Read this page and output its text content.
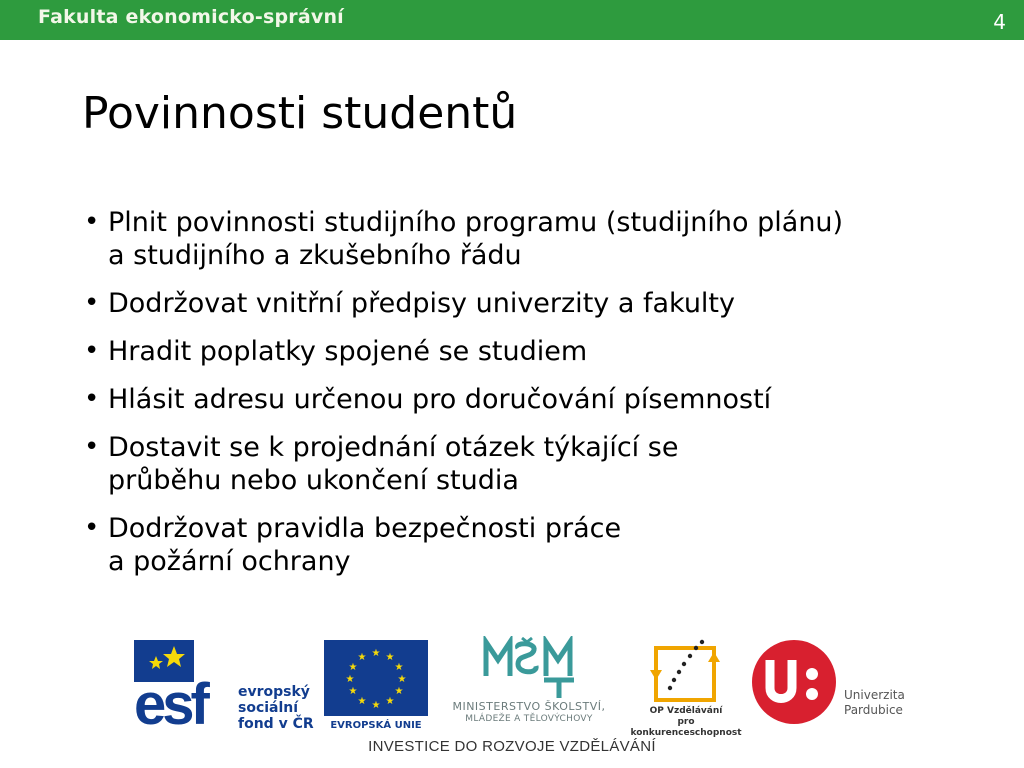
Fakulta ekonomicko-správní	4
Povinnosti studentů
• Plnit povinnosti studijního programu (studijního plánu)
a studijního a zkušebního řádu
• Dodržovat vnitřní předpisy univerzity a fakulty
• Hradit poplatky spojené se studiem
• Hlásit adresu určenou pro doručování písemností
• Dostavit se k projednání otázek týkající se
průběhu nebo ukončení studia
• Dodržovat pravidla bezpečnosti práce
a požární ochrany
esf	evropský
sociální
fond v ČR
★ ★
★
★
★
★
★
★
★
★
★
★
EVROPSKÁ UNIE
MINISTERSTVO ŠKOLSTVÍ,
MLÁDEŽE A TĚLOVÝCHOVY
OP Vzdělávání
pro konkurenceschopnost
Univerzita
Pardubice
INVESTICE DO ROZVOJE VZDĚLÁVÁNÍ
